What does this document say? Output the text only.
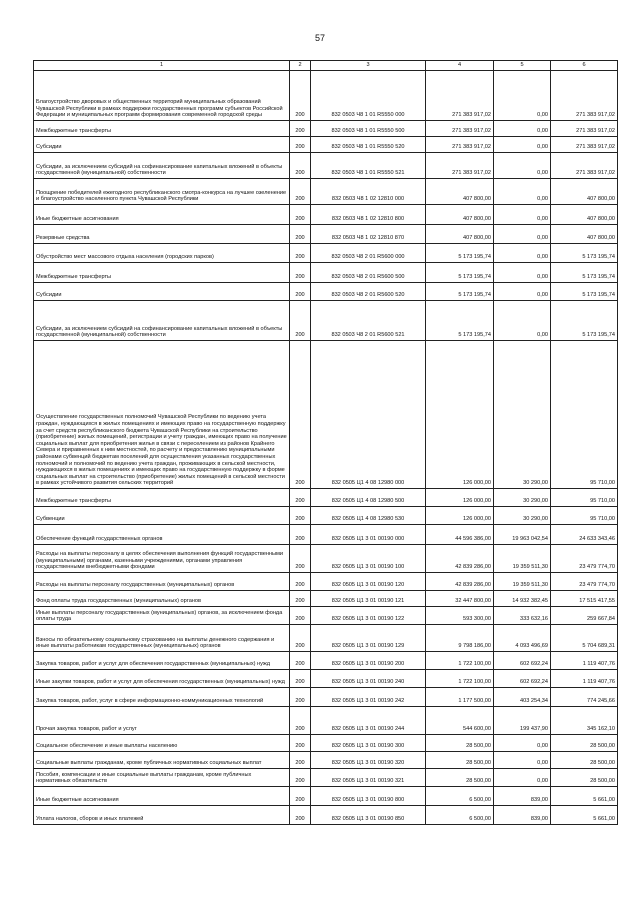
57
1	2	3	4	5	6
Благоустройство дворовых и общественных территорий муниципальных образований Чувашской Республики в рамках поддержки государственных программ субъектов Российской Федерации и муниципальных программ формирования современной городской среды	200	832 0503 Ч8 1 01 R5550 000	271 383 917,02	0,00	271 383 917,02
Межбюджетные трансферты	200	832 0503 Ч8 1 01 R5550 500	271 383 917,02	0,00	271 383 917,02
Субсидии	200	832 0503 Ч8 1 01 R5550 520	271 383 917,02	0,00	271 383 917,02
Субсидии, за исключением субсидий на софинансирование капитальных вложений в объекты государственной (муниципальной) собственности	200	832 0503 Ч8 1 01 R5550 521	271 383 917,02	0,00	271 383 917,02
Поощрение победителей ежегодного республиканского смотра-конкурса на лучшее озеленение и благоустройство населенного пункта Чувашской Республики	200	832 0503 Ч8 1 02 12810 000	407 800,00	0,00	407 800,00
Иные бюджетные ассигнования	200	832 0503 Ч8 1 02 12810 800	407 800,00	0,00	407 800,00
Резервные средства	200	832 0503 Ч8 1 02 12810 870	407 800,00	0,00	407 800,00
Обустройство мест массового отдыха населения (городских парков)	200	832 0503 Ч8 2 01 R5600 000	5 173 195,74	0,00	5 173 195,74
Межбюджетные трансферты	200	832 0503 Ч8 2 01 R5600 500	5 173 195,74	0,00	5 173 195,74
Субсидии	200	832 0503 Ч8 2 01 R5600 520	5 173 195,74	0,00	5 173 195,74
Субсидии, за исключением субсидий на софинансирование капитальных вложений в объекты государственной (муниципальной) собственности	200	832 0503 Ч8 2 01 R5600 521	5 173 195,74	0,00	5 173 195,74
Осуществление государственных полномочий Чувашской Республики по ведению учета граждан, нуждающихся в жилых помещениях и имеющих право на государственную поддержку за счет средств республиканского бюджета Чувашской Республики на строительство (приобретение) жилых помещений, регистрации и учету граждан, имеющих право на получение социальных выплат для приобретения жилья в связи с переселением из районов Крайнего Севера и приравненных к ним местностей, по расчету и предоставлению муниципальными районами субвенций бюджетам поселений для осуществления указанных государственных полномочий и полномочий по ведению учета граждан, проживающих в сельской местности, нуждающихся в жилых помещениях и имеющих право на государственную поддержку в форме социальных выплат на строительство (приобретение) жилых помещений в сельской местности в рамках устойчивого развития сельских территорий	200	832 0505 Ц1 4 08 12980 000	126 000,00	30 290,00	95 710,00
Межбюджетные трансферты	200	832 0505 Ц1 4 08 12980 500	126 000,00	30 290,00	95 710,00
Субвенции	200	832 0505 Ц1 4 08 12980 530	126 000,00	30 290,00	95 710,00
Обеспечение функций государственных органов	200	832 0505 Ц1 3 01 00190 000	44 596 386,00	19 963 042,54	24 633 343,46
Расходы на выплаты персоналу в целях обеспечения выполнения функций государственными (муниципальными) органами, казенными учреждениями, органами управления государственными внебюджетными фондами	200	832 0505 Ц1 3 01 00190 100	42 839 286,00	19 359 511,30	23 479 774,70
Расходы на выплаты персоналу государственных (муниципальных) органов	200	832 0505 Ц1 3 01 00190 120	42 839 286,00	19 359 511,30	23 479 774,70
Фонд оплаты труда государственных (муниципальных) органов	200	832 0505 Ц1 3 01 00190 121	32 447 800,00	14 932 382,45	17 515 417,55
Иные выплаты персоналу государственных (муниципальных) органов, за исключением фонда оплаты труда	200	832 0505 Ц1 3 01 00190 122	593 300,00	333 632,16	259 667,84
Взносы по обязательному социальному страхованию на выплаты денежного содержания и иные выплаты работникам государственных (муниципальных) органов	200	832 0505 Ц1 3 01 00190 129	9 798 186,00	4 093 496,69	5 704 689,31
Закупка товаров, работ и услуг для обеспечения государственных (муниципальных) нужд	200	832 0505 Ц1 3 01 00190 200	1 722 100,00	602 692,24	1 119 407,76
Иные закупки товаров, работ и услуг для обеспечения государственных (муниципальных) нужд	200	832 0505 Ц1 3 01 00190 240	1 722 100,00	602 692,24	1 119 407,76
Закупка товаров, работ, услуг в сфере информационно-коммуникационных технологий	200	832 0505 Ц1 3 01 00190 242	1 177 500,00	403 254,34	774 245,66
Прочая закупка товаров, работ и услуг	200	832 0505 Ц1 3 01 00190 244	544 600,00	199 437,90	345 162,10
Социальное обеспечение и иные выплаты населению	200	832 0505 Ц1 3 01 00190 300	28 500,00	0,00	28 500,00
Социальные выплаты гражданам, кроме публичных нормативных социальных выплат	200	832 0505 Ц1 3 01 00190 320	28 500,00	0,00	28 500,00
Пособия, компенсации и иные социальные выплаты гражданам, кроме публичных нормативных обязательств	200	832 0505 Ц1 3 01 00190 321	28 500,00	0,00	28 500,00
Иные бюджетные ассигнования	200	832 0505 Ц1 3 01 00190 800	6 500,00	839,00	5 661,00
Уплата налогов, сборов и иных платежей	200	832 0505 Ц1 3 01 00190 850	6 500,00	839,00	5 661,00
